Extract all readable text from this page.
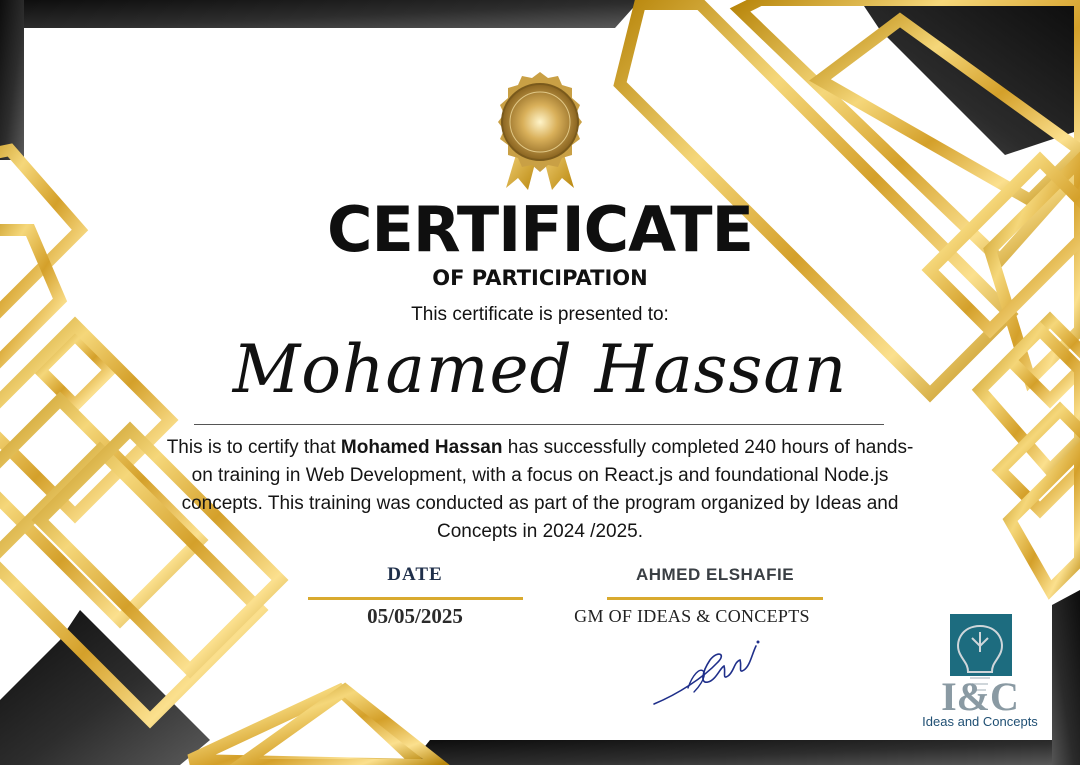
CERTIFICATE
OF PARTICIPATION
This certificate is presented to:
Mohamed Hassan

This is to certify that Mohamed Hassan has successfully completed 240 hours of hands-on training in Web Development, with a focus on React.js and foundational Node.js concepts. This training was conducted as part of the program organized by Ideas and Concepts in 2024 /2025.

DATE
05/05/2025
AHMED ELSHAFIE
GM OF IDEAS & CONCEPTS
I&C
Ideas and Concepts
